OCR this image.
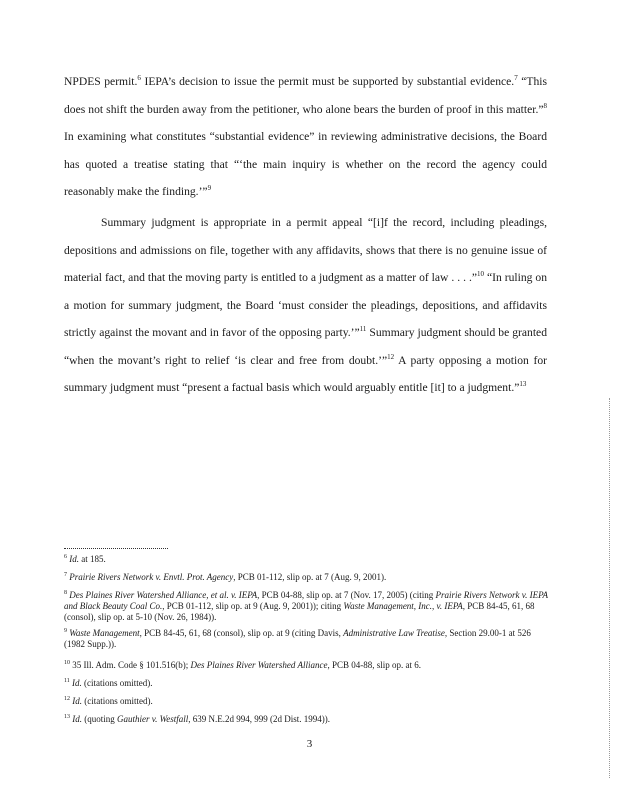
NPDES permit.$^6$ IEPA’s decision to issue the permit must be supported by substantial evidence.$^7$ “This does not shift the burden away from the petitioner, who alone bears the burden of proof in this matter.”$^8$ In examining what constitutes “substantial evidence” in reviewing administrative decisions, the Board has quoted a treatise stating that “‘the main inquiry is whether on the record the agency could reasonably make the finding.’”$^9$

Summary judgment is appropriate in a permit appeal “[i]f the record, including pleadings, depositions and admissions on file, together with any affidavits, shows that there is no genuine issue of material fact, and that the moving party is entitled to a judgment as a matter of law . . . .”$^{10}$ “In ruling on a motion for summary judgment, the Board ‘must consider the pleadings, depositions, and affidavits strictly against the movant and in favor of the opposing party.’”$^{11}$ Summary judgment should be granted “when the movant’s right to relief ‘is clear and free from doubt.’”$^{12}$ A party opposing a motion for summary judgment must “present a factual basis which would arguably entitle [it] to a judgment.”$^{13}$

$^6$ Id. at 185.

$^7$ Prairie Rivers Network v. Envtl. Prot. Agency, PCB 01-112, slip op. at 7 (Aug. 9, 2001).

$^8$ Des Plaines River Watershed Alliance, et al. v. IEPA, PCB 04-88, slip op. at 7 (Nov. 17, 2005) (citing Prairie Rivers Network v. IEPA and Black Beauty Coal Co., PCB 01-112, slip op. at 9 (Aug. 9, 2001)); citing Waste Management, Inc., v. IEPA, PCB 84-45, 61, 68 (consol), slip op. at 5-10 (Nov. 26, 1984)).

$^9$ Waste Management, PCB 84-45, 61, 68 (consol), slip op. at 9 (citing Davis, Administrative Law Treatise, Section 29.00-1 at 526 (1982 Supp.)).

$^{10}$ 35 Ill. Adm. Code § 101.516(b); Des Plaines River Watershed Alliance, PCB 04-88, slip op. at 6.

$^{11}$ Id. (citations omitted).

$^{12}$ Id. (citations omitted).

$^{13}$ Id. (quoting Gauthier v. Westfall, 639 N.E.2d 994, 999 (2d Dist. 1994)).

3
